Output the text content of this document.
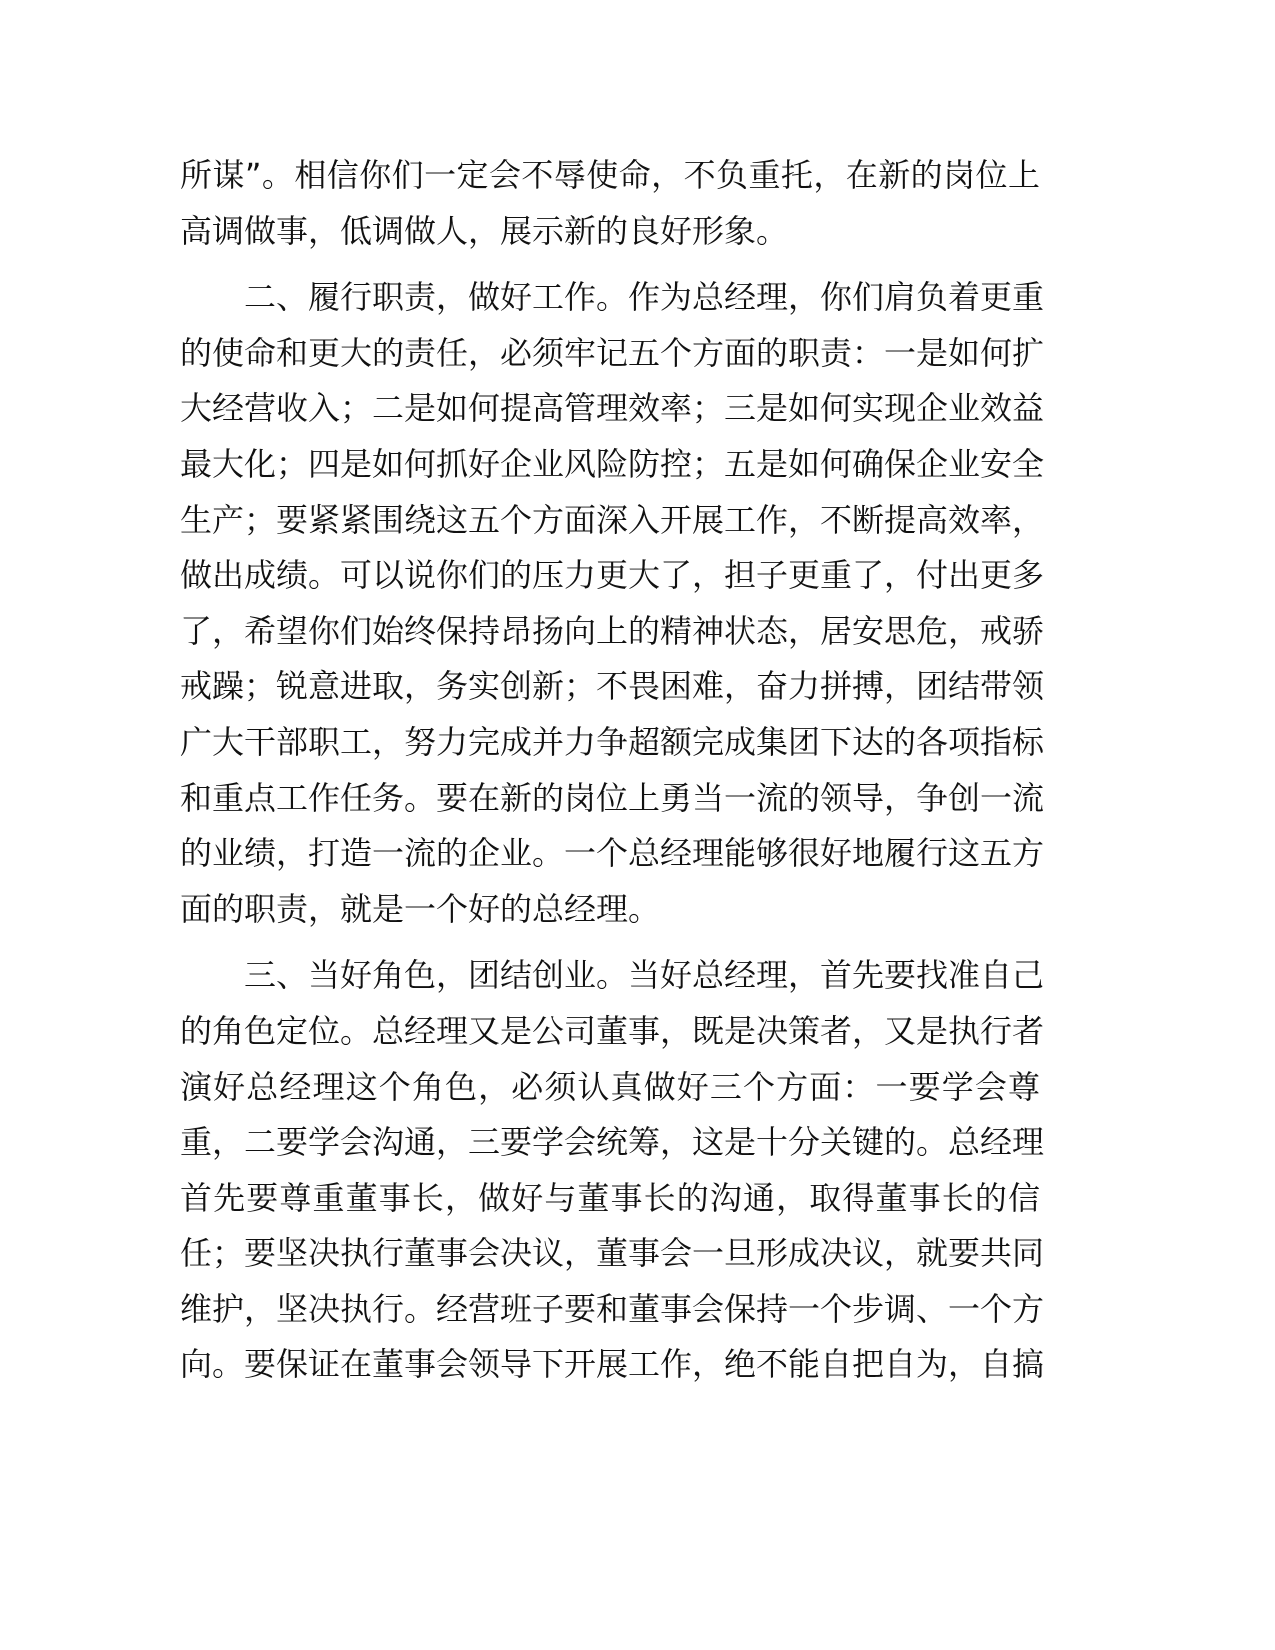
所谋”。相信你们一定会不辱使命，不负重托，在新的岗位上
高调做事，低调做人，展示新的良好形象。
二、履行职责，做好工作。作为总经理，你们肩负着更重
的使命和更大的责任，必须牢记五个方面的职责：一是如何扩
大经营收入；二是如何提高管理效率；三是如何实现企业效益
最大化；四是如何抓好企业风险防控；五是如何确保企业安全
生产；要紧紧围绕这五个方面深入开展工作，不断提高效率，
做出成绩。可以说你们的压力更大了，担子更重了，付出更多
了，希望你们始终保持昂扬向上的精神状态，居安思危，戒骄
戒躁；锐意进取，务实创新；不畏困难，奋力拼搏，团结带领
广大干部职工，努力完成并力争超额完成集团下达的各项指标
和重点工作任务。要在新的岗位上勇当一流的领导，争创一流
的业绩，打造一流的企业。一个总经理能够很好地履行这五方
面的职责，就是一个好的总经理。
三、当好角色，团结创业。当好总经理，首先要找准自己
的角色定位。总经理又是公司董事，既是决策者，又是执行者
演好总经理这个角色，必须认真做好三个方面：一要学会尊
重，二要学会沟通，三要学会统筹，这是十分关键的。总经理
首先要尊重董事长，做好与董事长的沟通，取得董事长的信
任；要坚决执行董事会决议，董事会一旦形成决议，就要共同
维护，坚决执行。经营班子要和董事会保持一个步调、一个方
向。要保证在董事会领导下开展工作，绝不能自把自为，自搞
